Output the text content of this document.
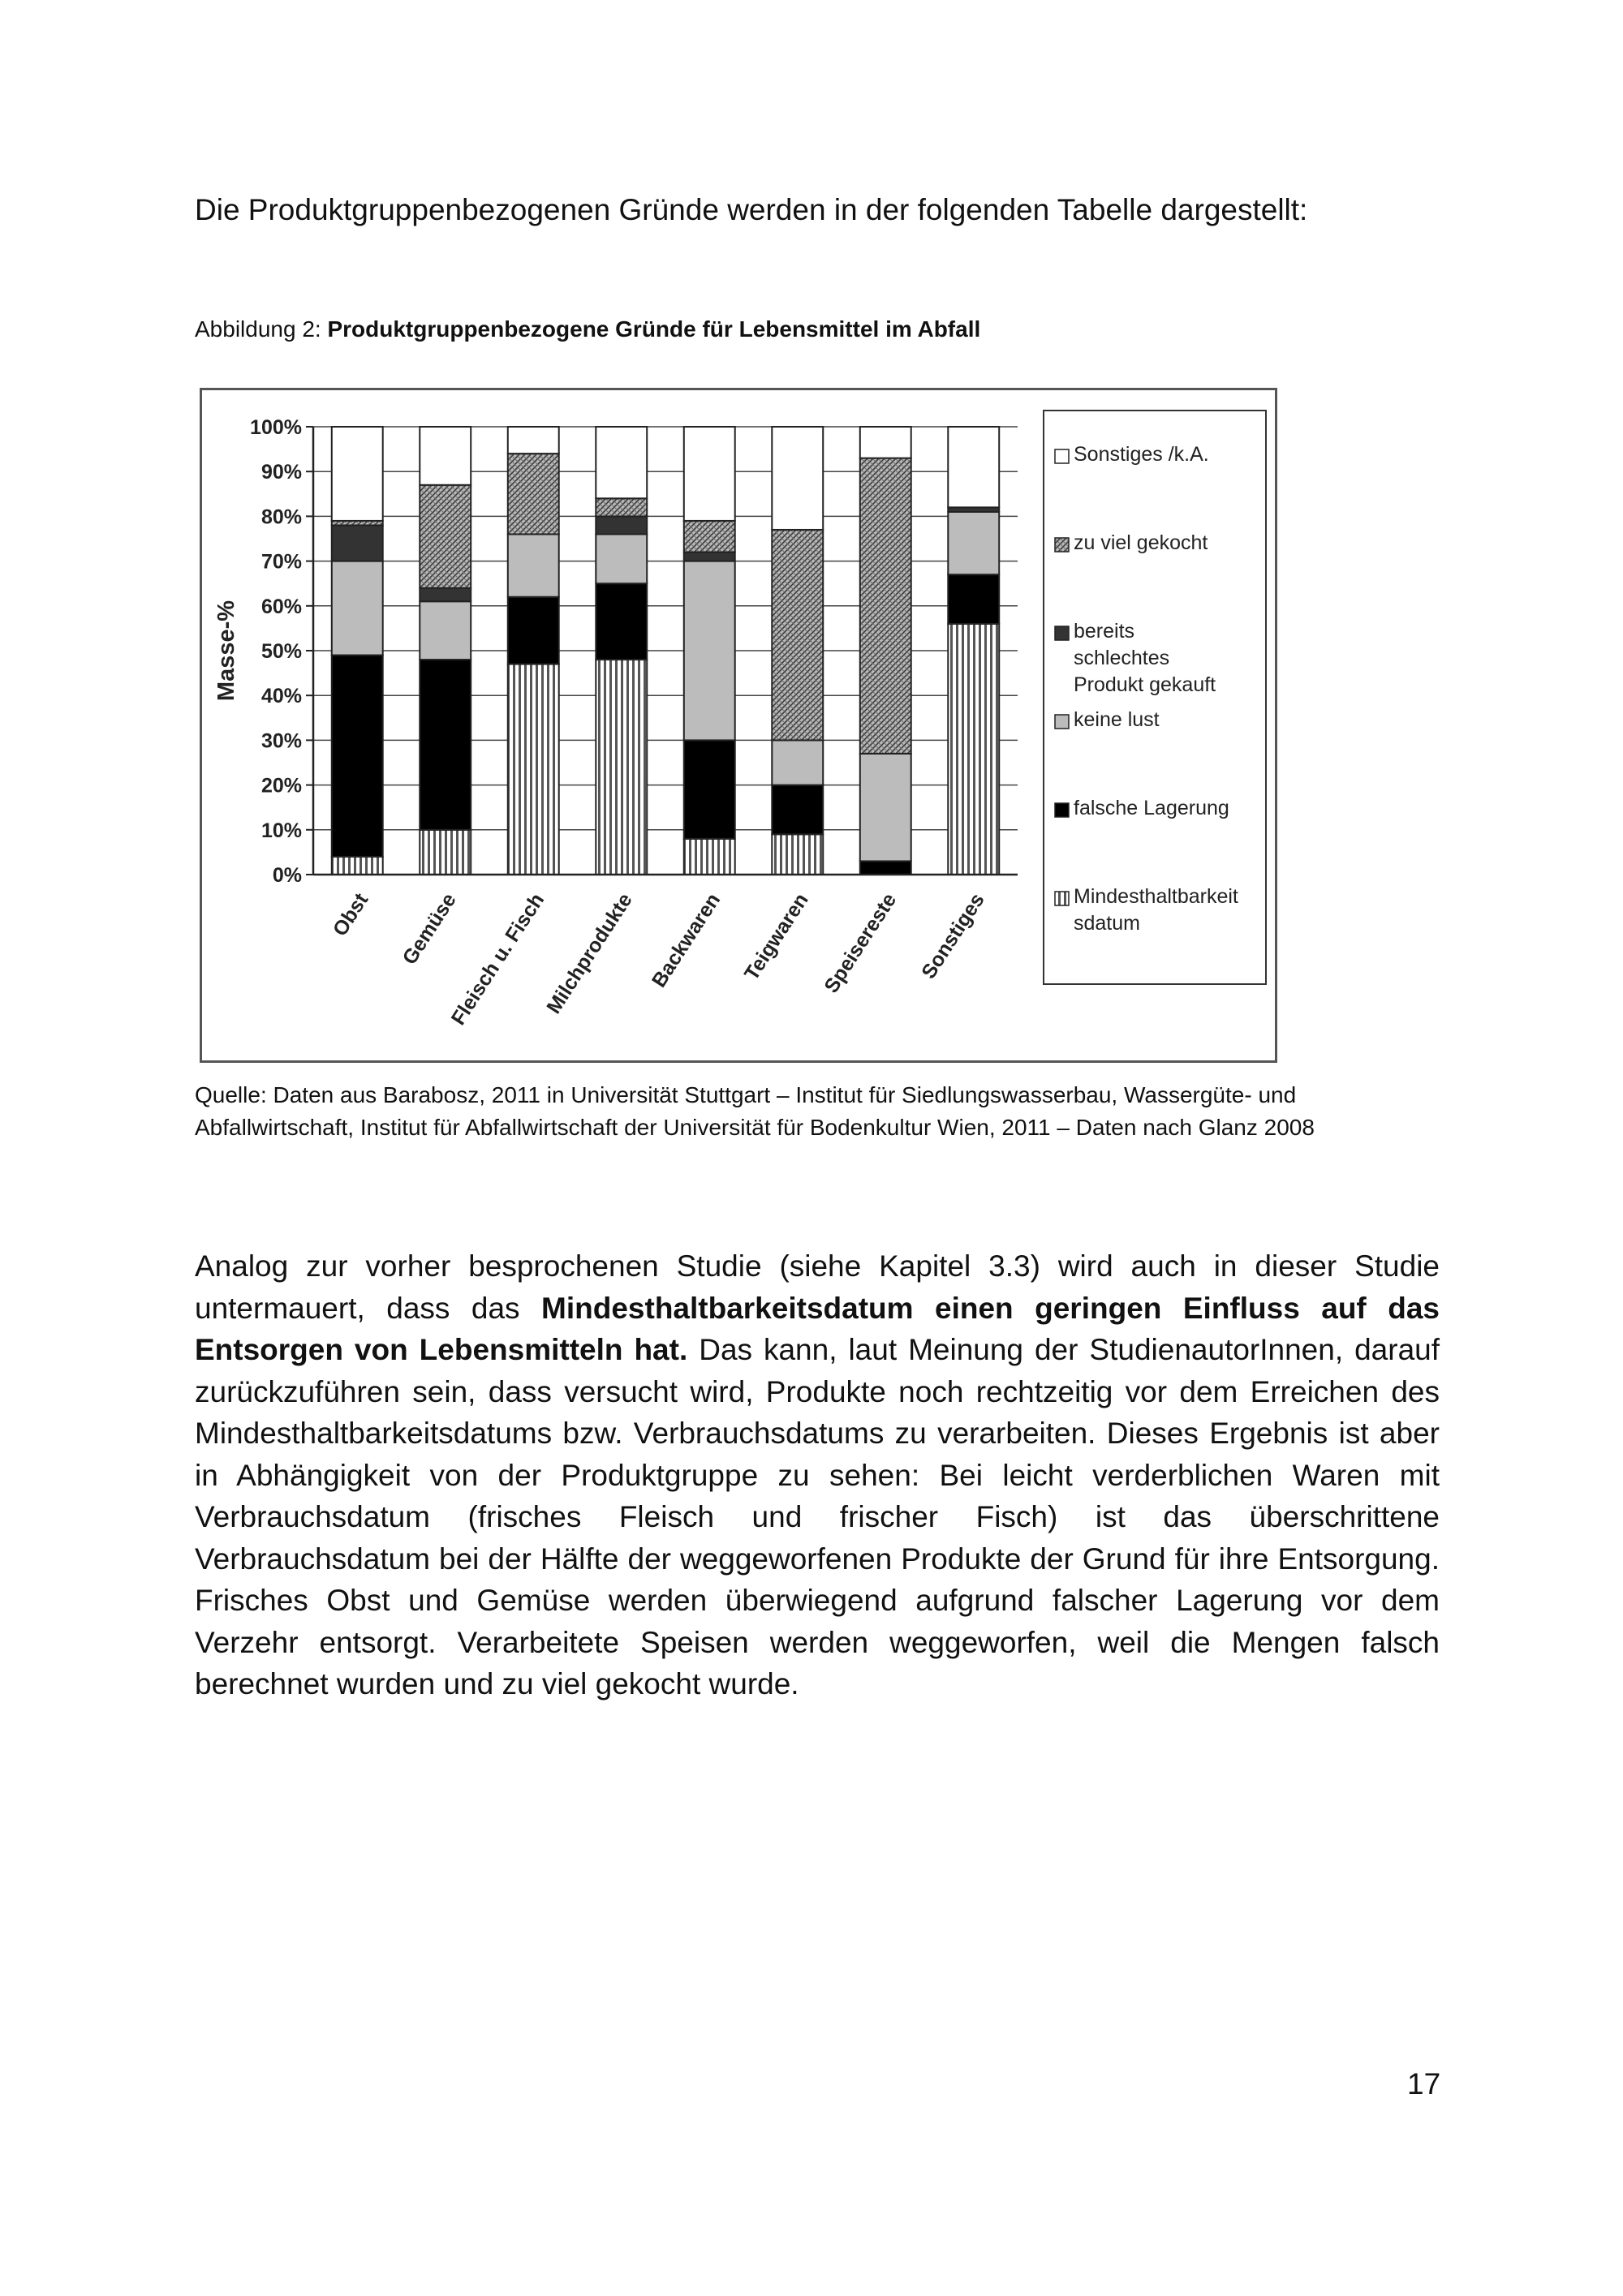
Die Produktgruppenbezogenen Gründe werden in der folgenden Tabelle dargestellt:

Abbildung 2: Produktgruppenbezogene Gründe für Lebensmittel im Abfall

0%
10%
20%
30%
40%
50%
60%
70%
80%
90%
100%
Obst Gemüse
Fleisch u. Fisch
Milchprodukte Backwaren Teigwaren Speisereste Sonstiges
Masse-%
Sonstiges /k.A.
zu viel gekocht
bereits schlechtes Produkt gekauft
keine lust
falsche Lagerung
Mindesthaltbarkeit sdatum

Quelle: Daten aus Barabosz, 2011 in Universität Stuttgart – Institut für Siedlungswasserbau, Wassergüte- und
Abfallwirtschaft, Institut für Abfallwirtschaft der Universität für Bodenkultur Wien, 2011 – Daten nach Glanz 2008

Analog zur vorher besprochenen Studie (siehe Kapitel 3.3) wird auch in dieser Studie untermauert, dass das Mindesthaltbarkeitsdatum einen geringen Einfluss auf das Entsorgen von Lebensmitteln hat. Das kann, laut Meinung der StudienautorInnen, darauf zurückzuführen sein, dass versucht wird, Produkte noch rechtzeitig vor dem Erreichen des Mindesthaltbarkeitsdatums bzw. Verbrauchsdatums zu verarbeiten. Dieses Ergebnis ist aber in Abhängigkeit von der Produktgruppe zu sehen: Bei leicht verderblichen Waren mit Verbrauchsdatum (frisches Fleisch und frischer Fisch) ist das überschrittene Verbrauchsdatum bei der Hälfte der weggeworfenen Produkte der Grund für ihre Entsorgung. Frisches Obst und Gemüse werden überwiegend aufgrund falscher Lagerung vor dem Verzehr entsorgt. Verarbeitete Speisen werden weggeworfen, weil die Mengen falsch berechnet wurden und zu viel gekocht wurde.

17
